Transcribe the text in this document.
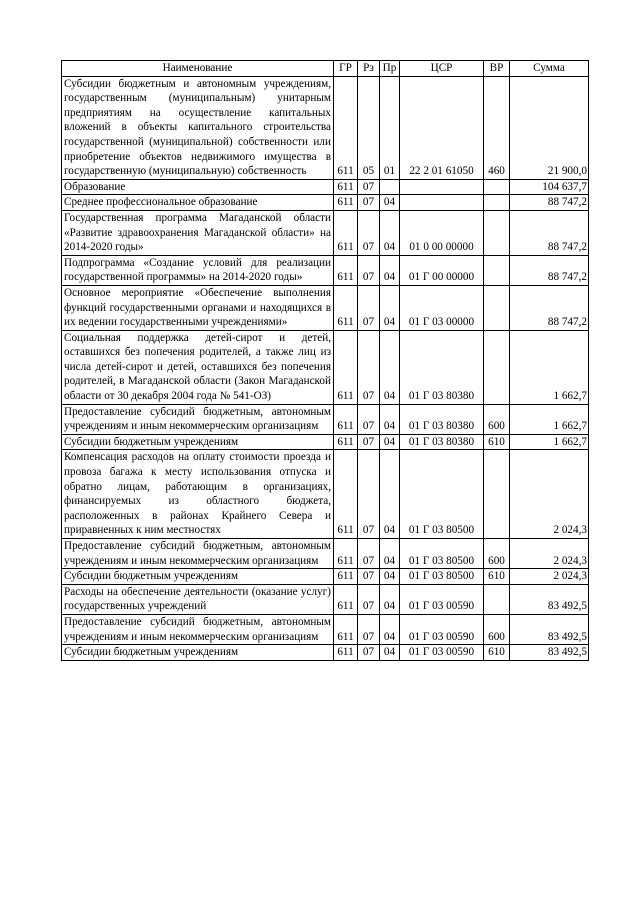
Наименование	ГР	Рз	Пр	ЦСР	ВР	Сумма
Субсидии бюджетным и автономным учреждениям, государственным (муниципальным) унитарным предприятиям на осуществление капитальных вложений в объекты капитального строительства государственной (муниципальной) собственности или приобретение объектов недвижимого имущества в государственную (муниципальную) собственность	611	05	01	22 2 01 61050	460	21 900,0
Образование	611	07				104 637,7
Среднее профессиональное образование	611	07	04			88 747,2
Государственная программа Магаданской области «Развитие здравоохранения Магаданской области» на 2014-2020 годы»	611	07	04	01 0 00 00000		88 747,2
Подпрограмма «Создание условий для реализации государственной программы» на 2014-2020 годы»	611	07	04	01 Г 00 00000		88 747,2
Основное мероприятие «Обеспечение выполнения функций государственными органами и находящихся в их ведении государственными учреждениями»	611	07	04	01 Г 03 00000		88 747,2
Социальная поддержка детей-сирот и детей, оставшихся без попечения родителей, а также лиц из числа детей-сирот и детей, оставшихся без попечения родителей, в Магаданской области (Закон Магаданской области от 30 декабря 2004 года № 541-ОЗ)	611	07	04	01 Г 03 80380		1 662,7
Предоставление субсидий бюджетным, автономным учреждениям и иным некоммерческим организациям	611	07	04	01 Г 03 80380	600	1 662,7
Субсидии бюджетным учреждениям	611	07	04	01 Г 03 80380	610	1 662,7
Компенсация расходов на оплату стоимости проезда и провоза багажа к месту использования отпуска и обратно лицам, работающим в организациях, финансируемых из областного бюджета, расположенных в районах Крайнего Севера и приравненных к ним местностях	611	07	04	01 Г 03 80500		2 024,3
Предоставление субсидий бюджетным, автономным учреждениям и иным некоммерческим организациям	611	07	04	01 Г 03 80500	600	2 024,3
Субсидии бюджетным учреждениям	611	07	04	01 Г 03 80500	610	2 024,3
Расходы на обеспечение деятельности (оказание услуг) государственных учреждений	611	07	04	01 Г 03 00590		83 492,5
Предоставление субсидий бюджетным, автономным учреждениям и иным некоммерческим организациям	611	07	04	01 Г 03 00590	600	83 492,5
Субсидии бюджетным учреждениям	611	07	04	01 Г 03 00590	610	83 492,5
